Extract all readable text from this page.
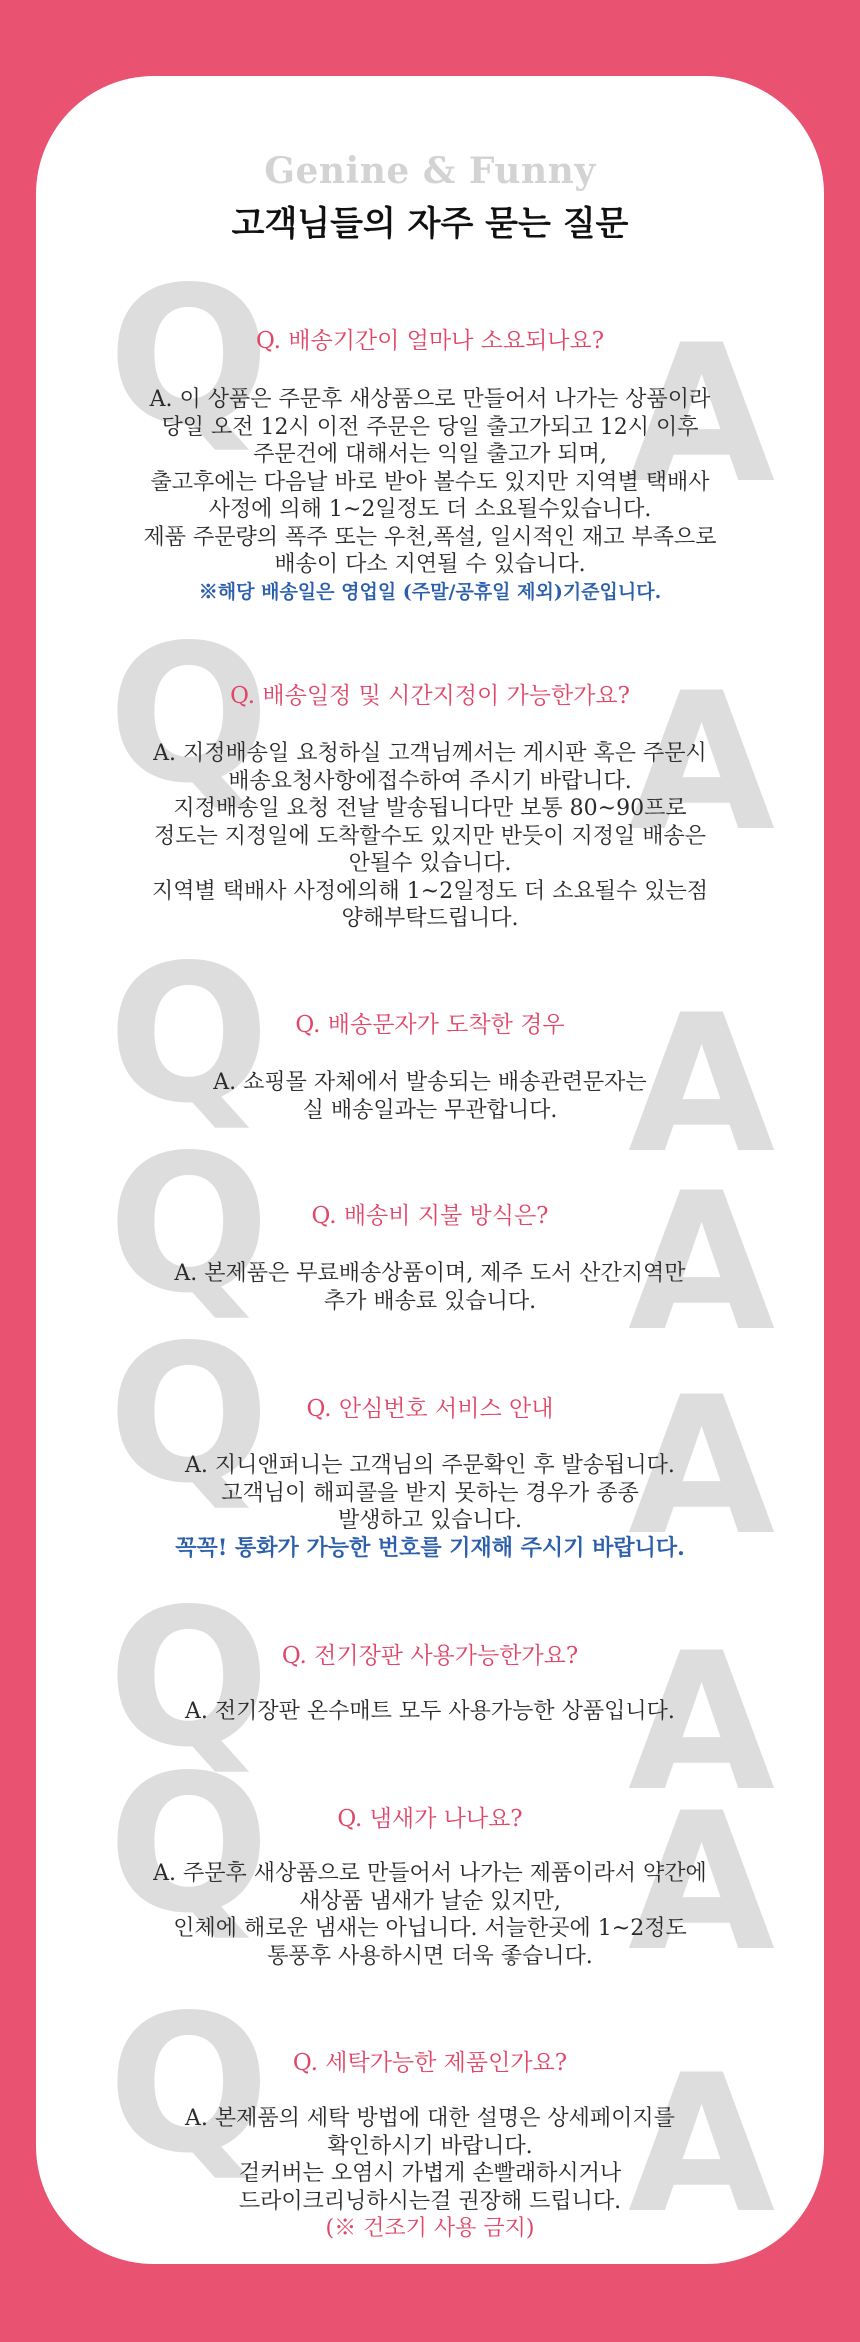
Genine & Funny
고객님들의 자주 묻는 질문
Q A
Q. 배송기간이 얼마나 소요되나요?
A. 이 상품은 주문후 새상품으로 만들어서 나가는 상품이라
당일 오전 12시 이전 주문은 당일 출고가되고 12시 이후
주문건에 대해서는 익일 출고가 되며,
출고후에는 다음날 바로 받아 볼수도 있지만 지역별 택배사
사정에 의해 1~2일정도 더 소요될수있습니다.
제품 주문량의 폭주 또는 우천,폭설, 일시적인 재고 부족으로
배송이 다소 지연될 수 있습니다.
※해당 배송일은 영업일 (주말/공휴일 제외)기준입니다.
Q A
Q. 배송일정 및 시간지정이 가능한가요?
A. 지정배송일 요청하실 고객님께서는 게시판 혹은 주문시
배송요청사항에접수하여 주시기 바랍니다.
지정배송일 요청 전날 발송됩니다만 보통 80~90프로
정도는 지정일에 도착할수도 있지만 반듯이 지정일 배송은
안될수 있습니다.
지역별 택배사 사정에의해 1~2일정도 더 소요될수 있는점
양해부탁드립니다.
Q A
Q. 배송문자가 도착한 경우
A. 쇼핑몰 자체에서 발송되는 배송관련문자는
실 배송일과는 무관합니다.
Q A
Q. 배송비 지불 방식은?
A. 본제품은 무료배송상품이며, 제주 도서 산간지역만
추가 배송료 있습니다.
Q A
Q. 안심번호 서비스 안내
A. 지니앤퍼니는 고객님의 주문확인 후 발송됩니다.
고객님이 해피콜을 받지 못하는 경우가 종종
발생하고 있습니다.
꼭꼭! 통화가 가능한 번호를 기재해 주시기 바랍니다.
Q A
Q. 전기장판 사용가능한가요?
A. 전기장판 온수매트 모두 사용가능한 상품입니다.
Q A
Q. 냄새가 나나요?
A. 주문후 새상품으로 만들어서 나가는 제품이라서 약간에
새상품 냄새가 날순 있지만,
인체에 해로운 냄새는 아닙니다. 서늘한곳에 1~2정도
통풍후 사용하시면 더욱 좋습니다.
Q A
Q. 세탁가능한 제품인가요?
A. 본제품의 세탁 방법에 대한 설명은 상세페이지를
확인하시기 바랍니다.
겉커버는 오염시 가볍게 손빨래하시거나
드라이크리닝하시는걸 권장해 드립니다.
(※ 건조기 사용 금지)
